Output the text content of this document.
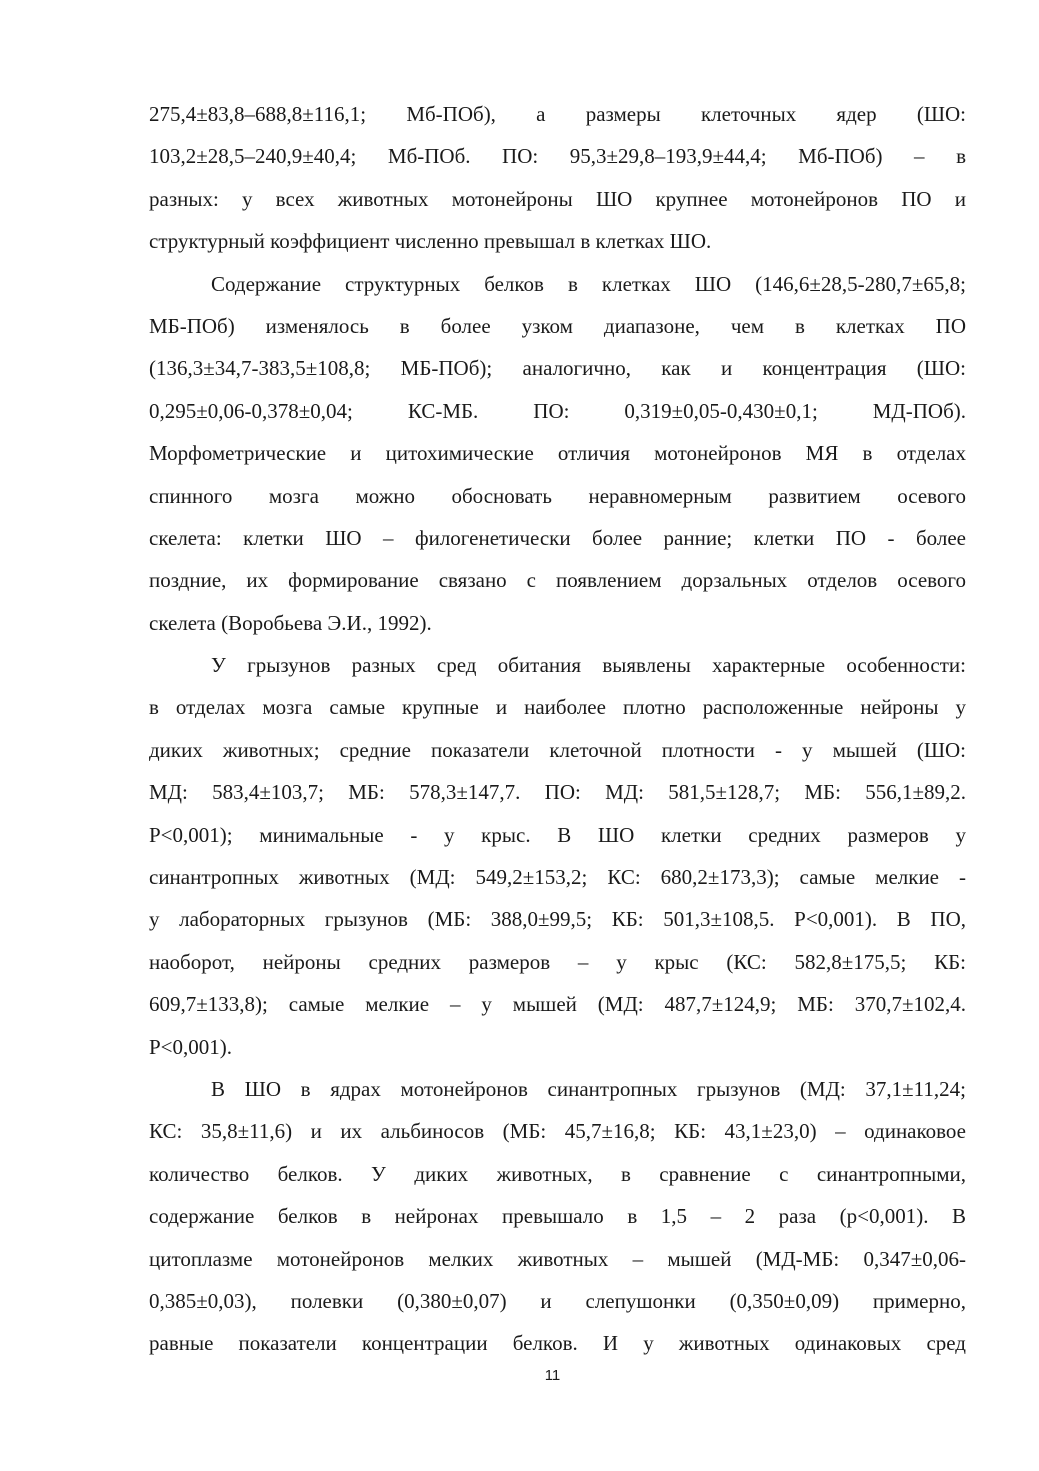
275,4±83,8–688,8±116,1; Мб-ПОб), а размеры клеточных ядер (ШО:
103,2±28,5–240,9±40,4; Мб-ПОб. ПО: 95,3±29,8–193,9±44,4; Мб-ПОб) – в
разных: у всех животных мотонейроны ШО крупнее мотонейронов ПО и
структурный коэффициент численно превышал в клетках ШО.
Содержание структурных белков в клетках ШО (146,6±28,5-280,7±65,8;
МБ-ПОб) изменялось в более узком диапазоне, чем в клетках ПО
(136,3±34,7-383,5±108,8; МБ-ПОб); аналогично, как и концентрация (ШО:
0,295±0,06-0,378±0,04; КС-МБ. ПО: 0,319±0,05-0,430±0,1; МД-ПОб).
Морфометрические и цитохимические отличия мотонейронов МЯ в отделах
спинного мозга можно обосновать неравномерным развитием осевого
скелета: клетки ШО – филогенетически более ранние; клетки ПО - более
поздние, их формирование связано с появлением дорзальных отделов осевого
скелета (Воробьева Э.И., 1992).
У грызунов разных сред обитания выявлены характерные особенности:
в отделах мозга самые крупные и наиболее плотно расположенные нейроны у
диких животных; средние показатели клеточной плотности - у мышей (ШО:
МД: 583,4±103,7; МБ: 578,3±147,7. ПО: МД: 581,5±128,7; МБ: 556,1±89,2.
P<0,001); минимальные - у крыс. В ШО клетки средних размеров у
синантропных животных (МД: 549,2±153,2; КС: 680,2±173,3); самые мелкие -
у лабораторных грызунов (МБ: 388,0±99,5; КБ: 501,3±108,5. P<0,001). В ПО,
наоборот, нейроны средних размеров – у крыс (КС: 582,8±175,5; КБ:
609,7±133,8); самые мелкие – у мышей (МД: 487,7±124,9; МБ: 370,7±102,4.
P<0,001).
В ШО в ядрах мотонейронов синантропных грызунов (МД: 37,1±11,24;
КС: 35,8±11,6) и их альбиносов (МБ: 45,7±16,8; КБ: 43,1±23,0) – одинаковое
количество белков. У диких животных, в сравнение с синантропными,
содержание белков в нейронах превышало в 1,5 – 2 раза (p<0,001). В
цитоплазме мотонейронов мелких животных – мышей (МД-МБ: 0,347±0,06-
0,385±0,03), полевки (0,380±0,07) и слепушонки (0,350±0,09) примерно,
равные показатели концентрации белков. И у животных одинаковых сред
11
